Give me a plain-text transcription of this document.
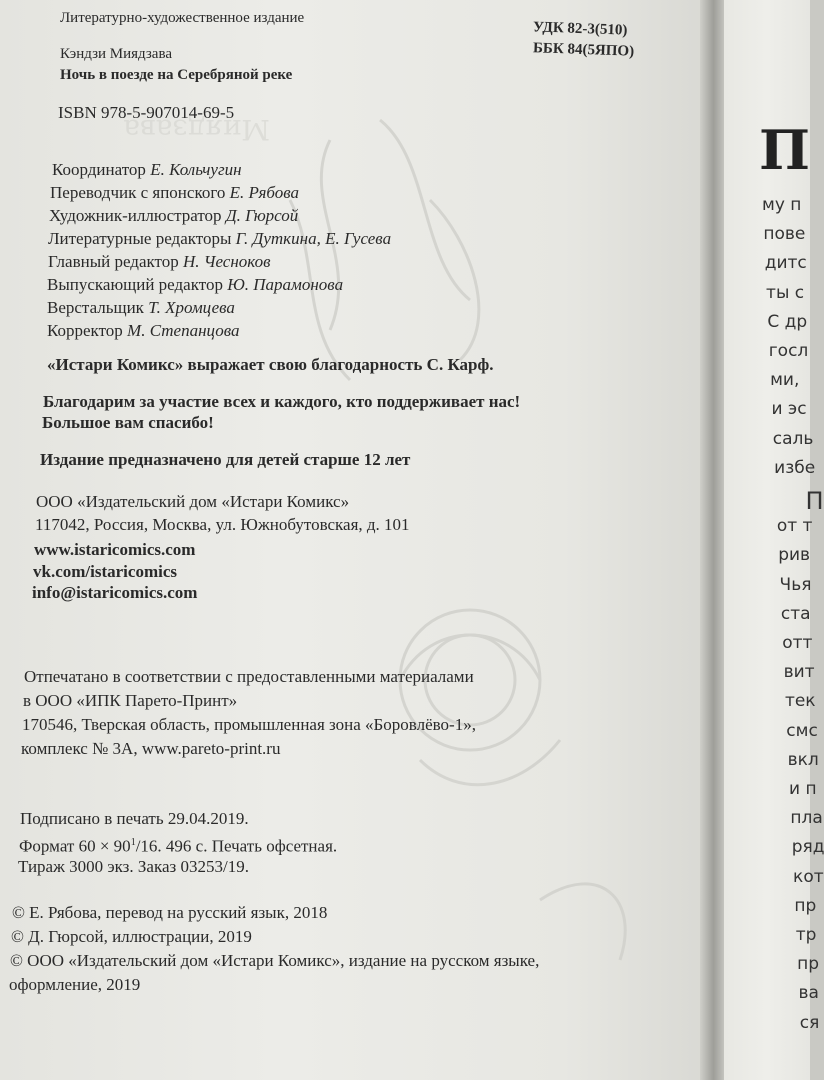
Миядзава
Литературно-художественное издание
УДК 82-3(510)
ББК 84(5ЯПО)
Кэндзи Миядзава
Ночь в поезде на Серебряной реке
ISBN 978-5-907014-69-5
Координатор Е. Кольчугин
Переводчик с японского Е. Рябова
Художник-иллюстратор Д. Гюрсой
Литературные редакторы Г. Дуткина, Е. Гусева
Главный редактор Н. Чесноков
Выпускающий редактор Ю. Парамонова
Верстальщик Т. Хромцева
Корректор М. Степанцова
«Истари Комикс» выражает свою благодарность С. Карф.
Благодарим за участие всех и каждого, кто поддерживает нас!
Большое вам спасибо!
Издание предназначено для детей старше 12 лет
ООО «Издательский дом «Истари Комикс»
117042, Россия, Москва, ул. Южнобутовская, д. 101
www.istaricomics.com
vk.com/istaricomics
info@istaricomics.com
Отпечатано в соответствии с предоставленными материалами
в ООО «ИПК Парето-Принт»
170546, Тверская область, промышленная зона «Боровлёво-1»,
комплекс № 3А, www.pareto-print.ru
Подписано в печать 29.04.2019.
Формат $60 \times 90^1/16$. 496 с. Печать офсетная.
Тираж 3000 экз. Заказ 03253/19.
© Е. Рябова, перевод на русский язык, 2018
© Д. Гюрсой, иллюстрации, 2019
© ООО «Издательский дом «Истари Комикс», издание на русском языке,
оформление, 2019
П
му п
пове
дитс
ты с
С др
госл
ми,
и эс
саль
избе
П
от т
рив
Чья
ста
отт
вит
тек
смс
вкл
и п
пла
ряд
кот
пр
тр
пр
ва
ся
